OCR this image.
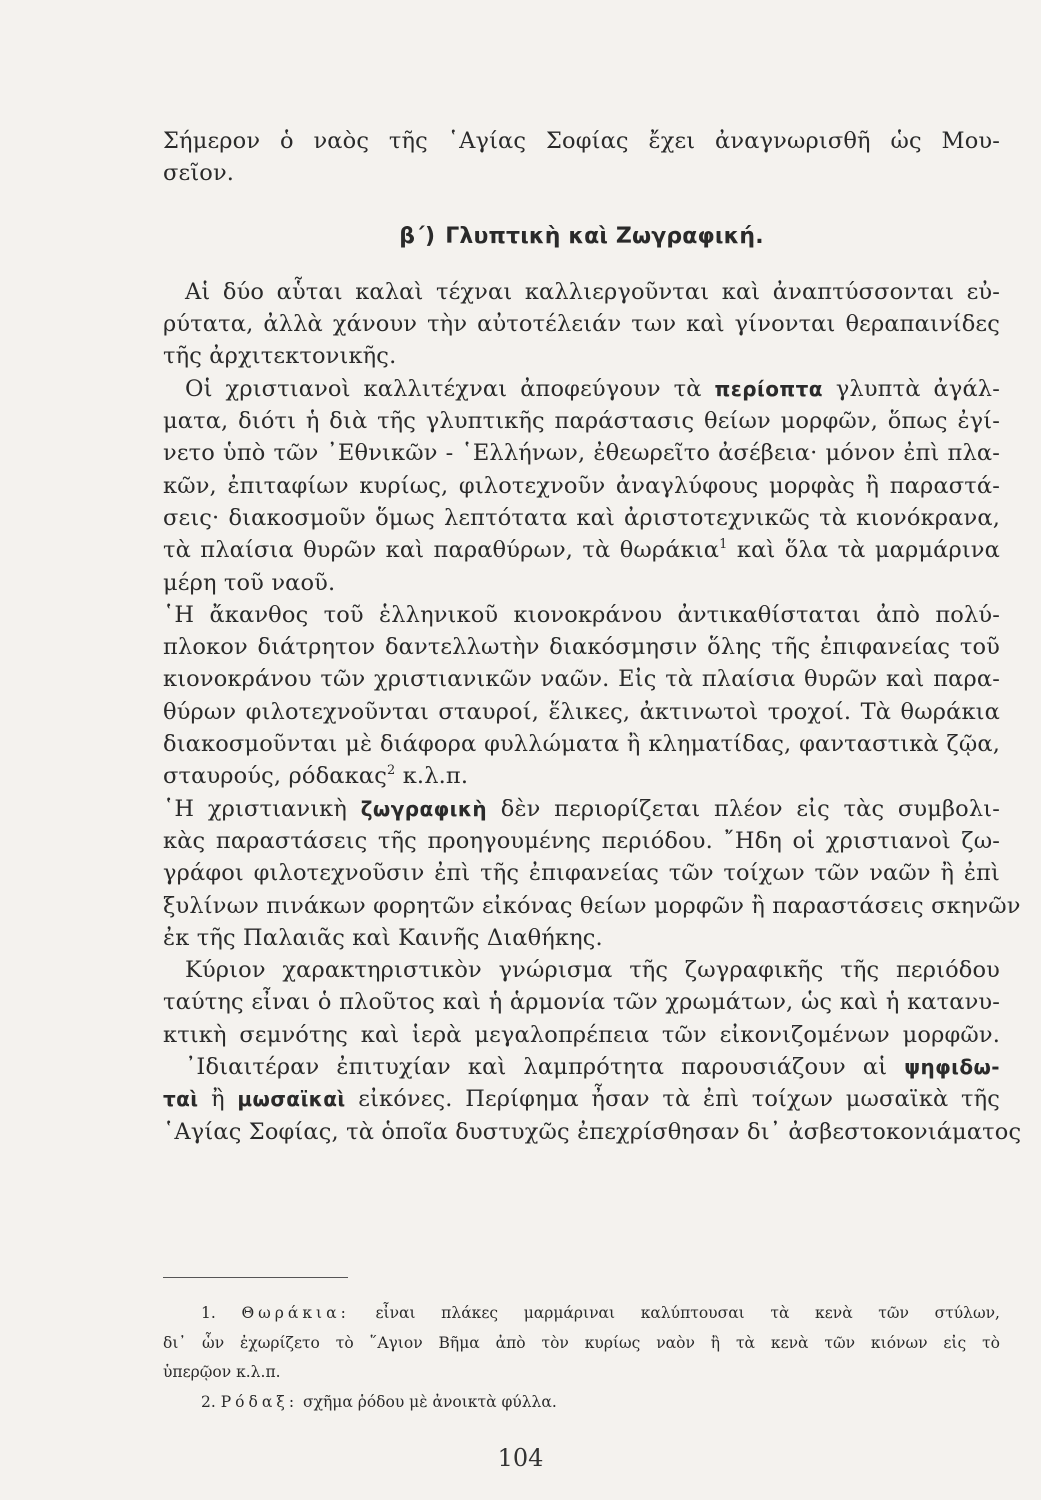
Σήμερον ὁ ναὸς τῆς ῾Αγίας Σοφίας ἔχει ἀναγνωρισθῆ ὡς Μου-
σεῖον.
β΄) Γλυπτικὴ καὶ Ζωγραφική.
Αἱ δύο αὗται καλαὶ τέχναι καλλιεργοῦνται καὶ ἀναπτύσσονται εὐ-
ρύτατα, ἀλλὰ χάνουν τὴν αὐτοτέλειάν των καὶ γίνονται θεραπαινίδες
τῆς ἀρχιτεκτονικῆς.
Οἱ χριστιανοὶ καλλιτέχναι ἀποφεύγουν τὰ περίοπτα γλυπτὰ ἀγάλ-
ματα, διότι ἡ διὰ τῆς γλυπτικῆς παράστασις θείων μορφῶν, ὅπως ἐγί-
νετο ὑπὸ τῶν ᾿Εθνικῶν - ῾Ελλήνων, ἐθεωρεῖτο ἀσέβεια· μόνον ἐπὶ πλα-
κῶν, ἐπιταφίων κυρίως, φιλοτεχνοῦν ἀναγλύφους μορφὰς ἢ παραστά-
σεις· διακοσμοῦν ὅμως λεπτότατα καὶ ἀριστοτεχνικῶς τὰ κιονόκρανα,
τὰ πλαίσια θυρῶν καὶ παραθύρων, τὰ θωράκια$^1$ καὶ ὅλα τὰ μαρμάρινα
μέρη τοῦ ναοῦ.
῾Η ἄκανθος τοῦ ἑλληνικοῦ κιονοκράνου ἀντικαθίσταται ἀπὸ πολύ-
πλοκον διάτρητον δαντελλωτὴν διακόσμησιν ὅλης τῆς ἐπιφανείας τοῦ
κιονοκράνου τῶν χριστιανικῶν ναῶν. Εἰς τὰ πλαίσια θυρῶν καὶ παρα-
θύρων φιλοτεχνοῦνται σταυροί, ἕλικες, ἀκτινωτοὶ τροχοί. Τὰ θωράκια
διακοσμοῦνται μὲ διάφορα φυλλώματα ἢ κληματίδας, φανταστικὰ ζῷα,
σταυρούς, ρόδακας$^2$ κ.λ.π.
῾Η χριστιανικὴ ζωγραφικὴ δὲν περιορίζεται πλέον εἰς τὰς συμβολι-
κὰς παραστάσεις τῆς προηγουμένης περιόδου. ῎Ηδη οἱ χριστιανοὶ ζω-
γράφοι φιλοτεχνοῦσιν ἐπὶ τῆς ἐπιφανείας τῶν τοίχων τῶν ναῶν ἢ ἐπὶ
ξυλίνων πινάκων φορητῶν εἰκόνας θείων μορφῶν ἢ παραστάσεις σκηνῶν
ἐκ τῆς Παλαιᾶς καὶ Καινῆς Διαθήκης.
Κύριον χαρακτηριστικὸν γνώρισμα τῆς ζωγραφικῆς τῆς περιόδου
ταύτης εἶναι ὁ πλοῦτος καὶ ἡ ἁρμονία τῶν χρωμάτων, ὡς καὶ ἡ κατανυ-
κτικὴ σεμνότης καὶ ἱερὰ μεγαλοπρέπεια τῶν εἰκονιζομένων μορφῶν.
᾿Ιδιαιτέραν ἐπιτυχίαν καὶ λαμπρότητα παρουσιάζουν αἱ ψηφιδω-
ταὶ ἢ μωσαϊκαὶ εἰκόνες. Περίφημα ἦσαν τὰ ἐπὶ τοίχων μωσαϊκὰ τῆς
῾Αγίας Σοφίας, τὰ ὁποῖα δυστυχῶς ἐπεχρίσθησαν δι᾿ ἀσβεστοκονιάματος
1. Θωράκια: εἶναι πλάκες μαρμάριναι καλύπτουσαι τὰ κενὰ τῶν στύλων,
δι᾿ ὧν ἐχωρίζετο τὸ ῞Αγιον Βῆμα ἀπὸ τὸν κυρίως ναὸν ἢ τὰ κενὰ τῶν κιόνων εἰς τὸ
ὑπερῷον κ.λ.π.
2. Ρόδαξ: σχῆμα ῥόδου μὲ ἀνοικτὰ φύλλα.
104
